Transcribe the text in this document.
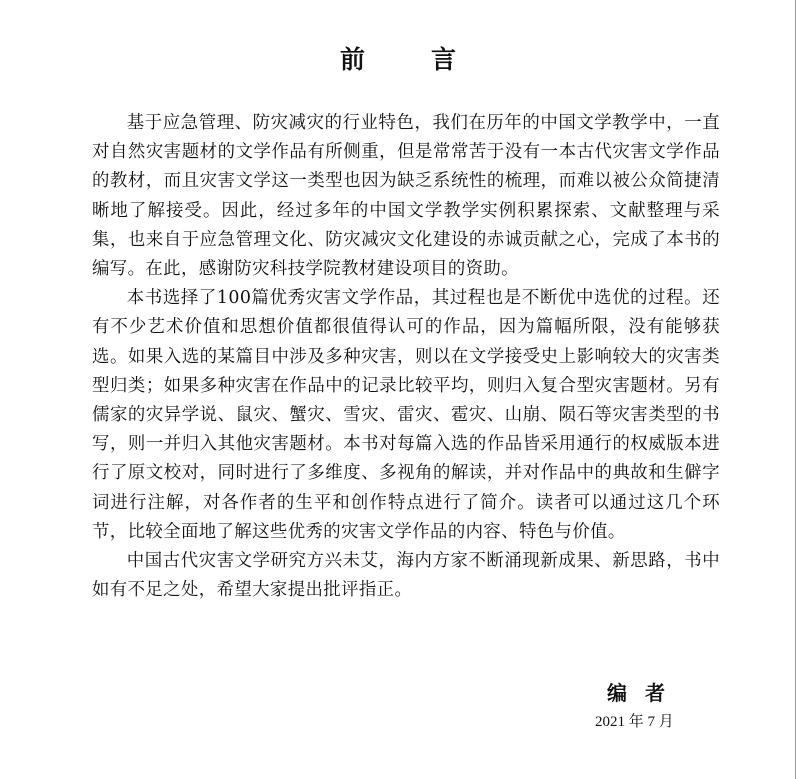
前言

基于应急管理、防灾减灾的行业特色，我们在历年的中国文学教学中，一直对自然灾害题材的文学作品有所侧重，但是常常苦于没有一本古代灾害文学作品的教材，而且灾害文学这一类型也因为缺乏系统性的梳理，而难以被公众简捷清晰地了解接受。因此，经过多年的中国文学教学实例积累探索、文献整理与采集，也来自于应急管理文化、防灾减灾文化建设的赤诚贡献之心，完成了本书的编写。在此，感谢防灾科技学院教材建设项目的资助。

本书选择了100篇优秀灾害文学作品，其过程也是不断优中选优的过程。还有不少艺术价值和思想价值都很值得认可的作品，因为篇幅所限，没有能够获选。如果入选的某篇目中涉及多种灾害，则以在文学接受史上影响较大的灾害类型归类；如果多种灾害在作品中的记录比较平均，则归入复合型灾害题材。另有儒家的灾异学说、鼠灾、蟹灾、雪灾、雷灾、雹灾、山崩、陨石等灾害类型的书写，则一并归入其他灾害题材。本书对每篇入选的作品皆采用通行的权威版本进行了原文校对，同时进行了多维度、多视角的解读，并对作品中的典故和生僻字词进行注解，对各作者的生平和创作特点进行了简介。读者可以通过这几个环节，比较全面地了解这些优秀的灾害文学作品的内容、特色与价值。

中国古代灾害文学研究方兴未艾，海内方家不断涌现新成果、新思路，书中如有不足之处，希望大家提出批评指正。

编者
2021 年 7 月
